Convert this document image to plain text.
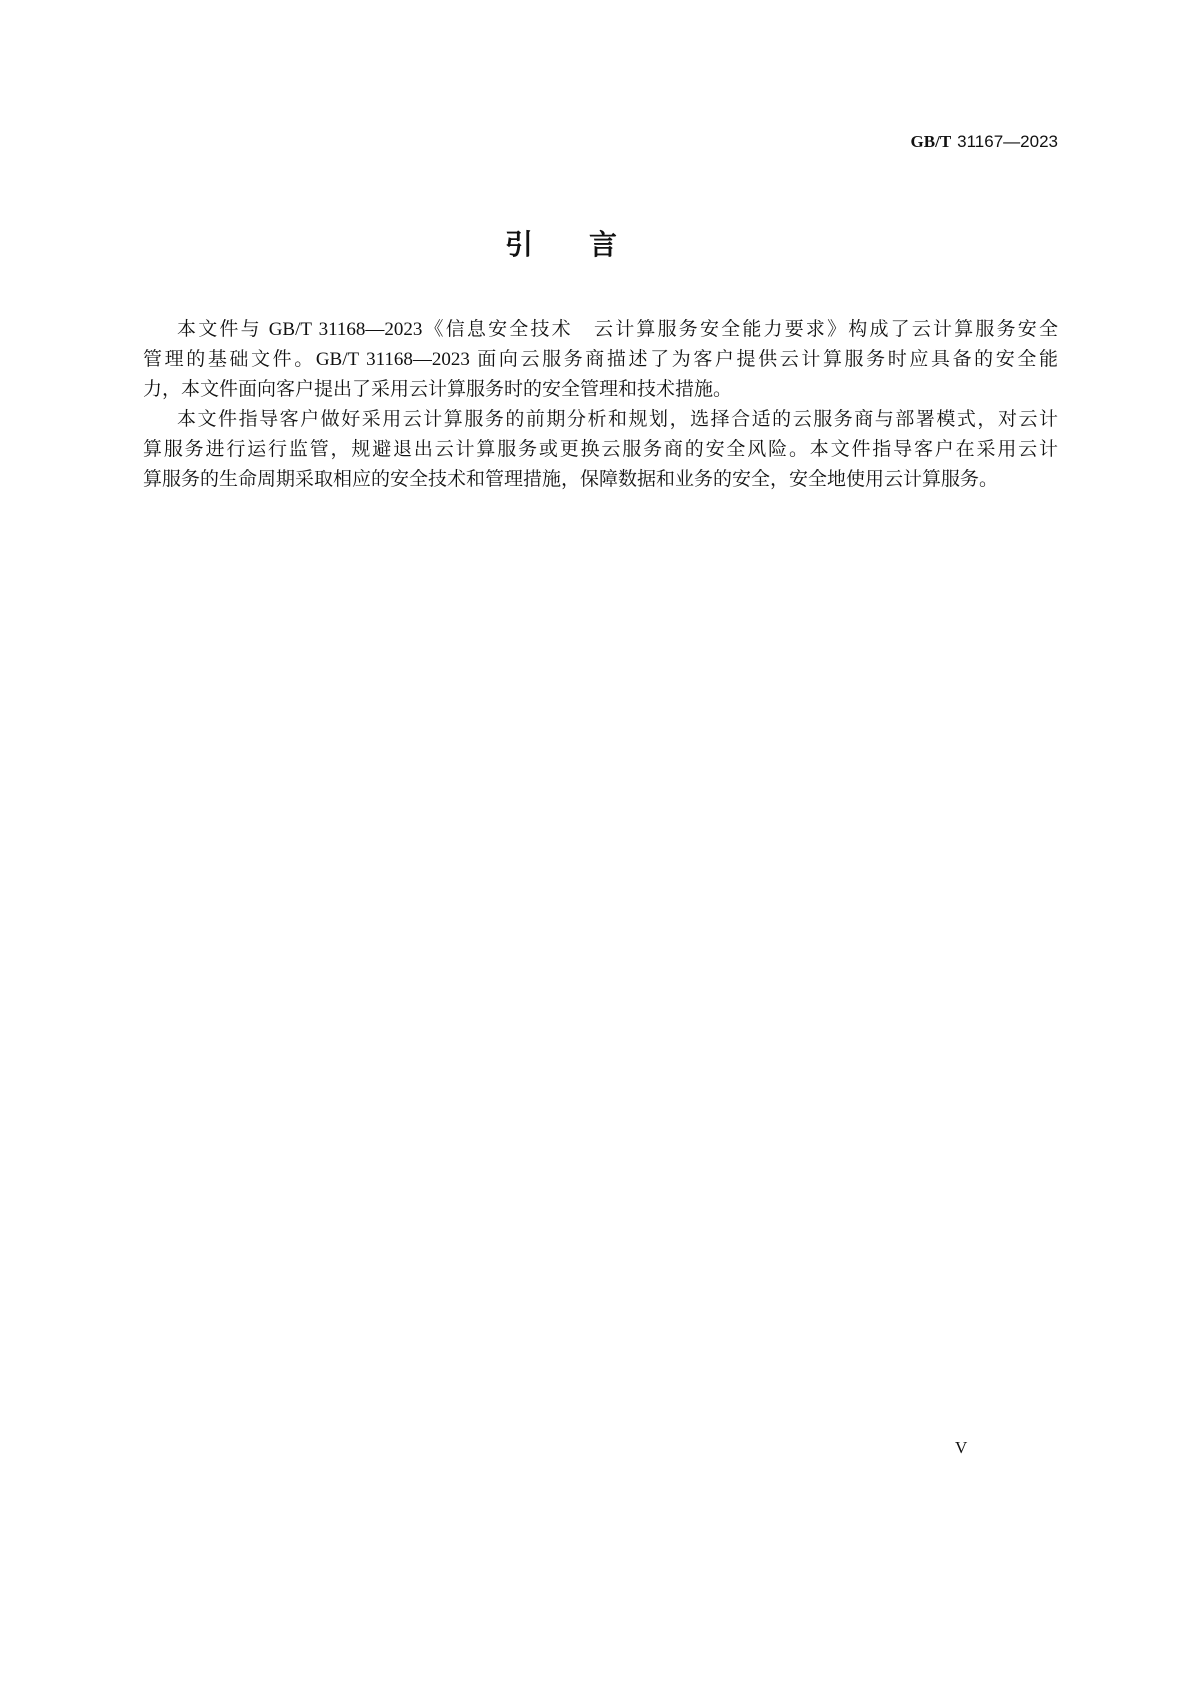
GB/T 31167—2023
引　　言
本文件与 GB/T 31168—2023《信息安全技术　云计算服务安全能力要求》构成了云计算服务安全
管理的基础文件。GB/T 31168—2023 面向云服务商描述了为客户提供云计算服务时应具备的安全能
力，本文件面向客户提出了采用云计算服务时的安全管理和技术措施。
本文件指导客户做好采用云计算服务的前期分析和规划，选择合适的云服务商与部署模式，对云计
算服务进行运行监管，规避退出云计算服务或更换云服务商的安全风险。本文件指导客户在采用云计
算服务的生命周期采取相应的安全技术和管理措施，保障数据和业务的安全，安全地使用云计算服务。
V
